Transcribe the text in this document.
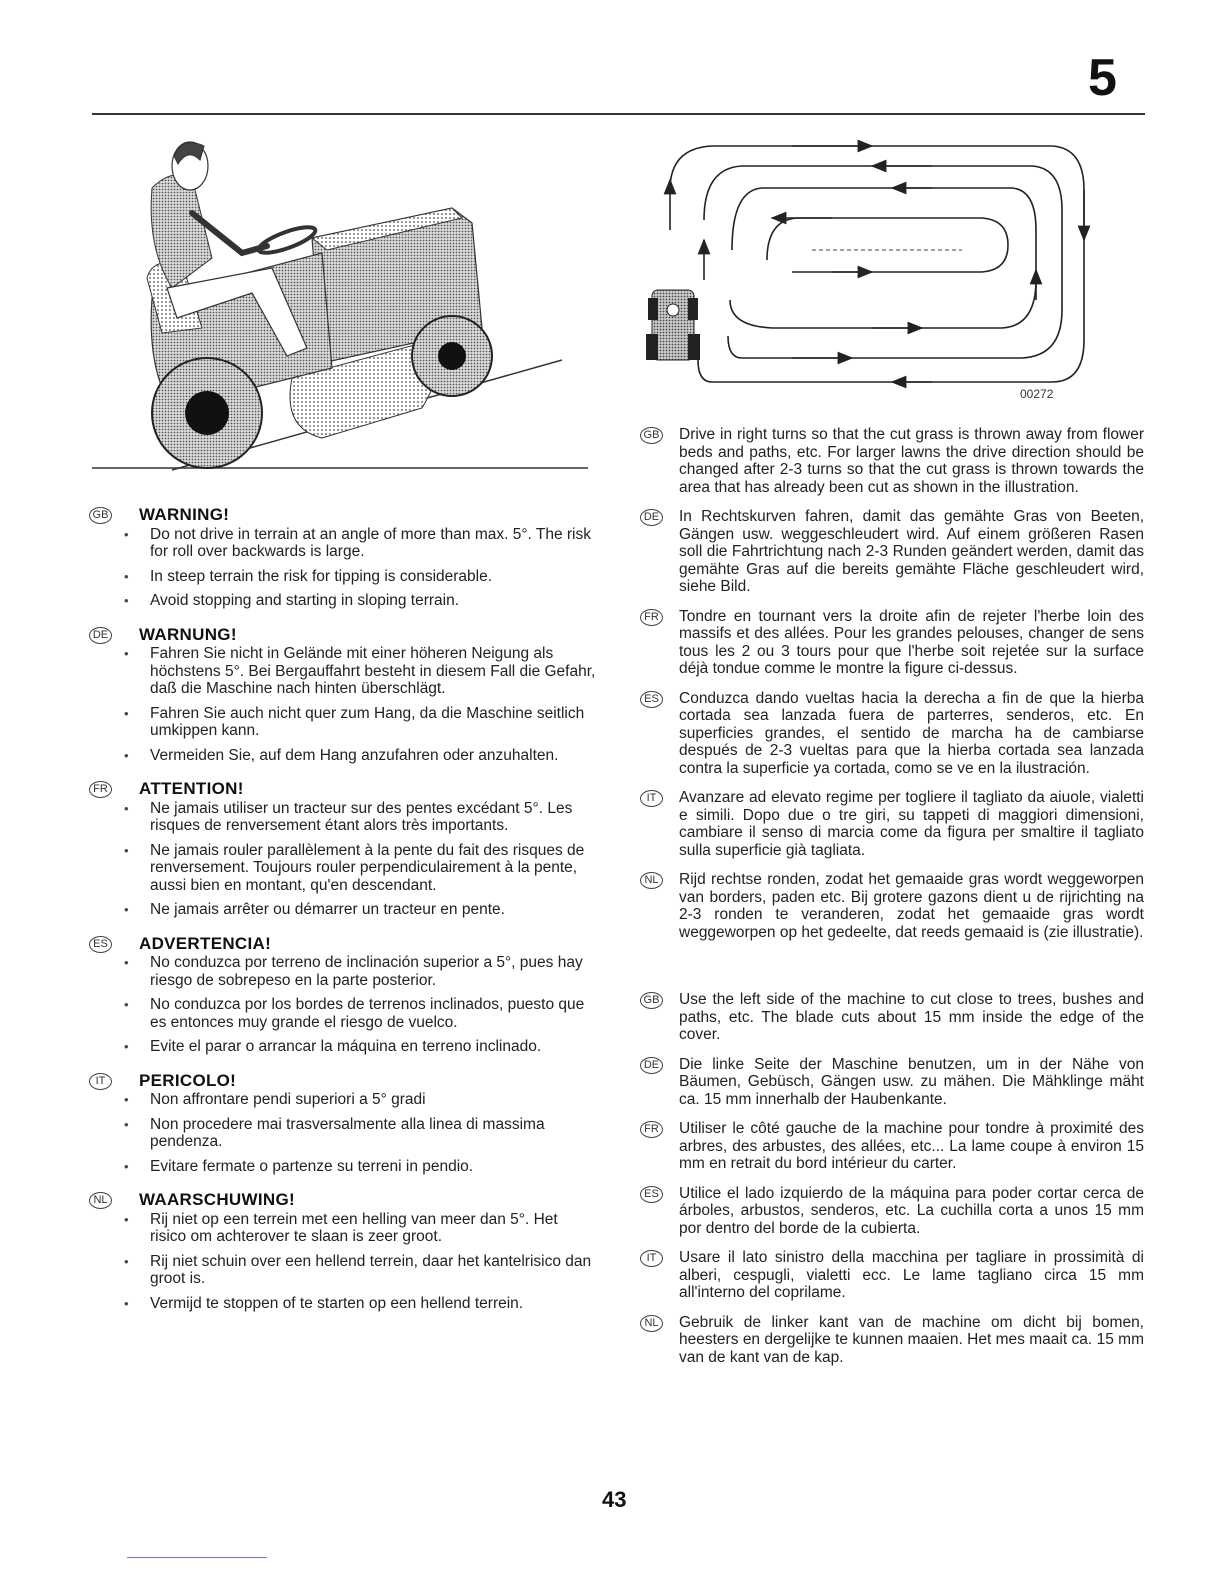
5
00272
GB WARNING!
• Do not drive in terrain at an angle of more than max. 5°. The risk for roll over backwards is large.
• In steep terrain the risk for tipping is considerable.
• Avoid stopping and starting in sloping terrain.
DE WARNUNG!
• Fahren Sie nicht in Gelände mit einer höheren Neigung als höchstens 5°. Bei Bergauffahrt besteht in diesem Fall die Gefahr, daß die Maschine nach hinten überschlägt.
• Fahren Sie auch nicht quer zum Hang, da die Maschine seitlich umkippen kann.
• Vermeiden Sie, auf dem Hang anzufahren oder anzuhalten.
FR ATTENTION!
• Ne jamais utiliser un tracteur sur des pentes excédant 5°. Les risques de renversement étant alors très importants.
• Ne jamais rouler parallèlement à la pente du fait des risques de renversement. Toujours rouler perpendiculairement à la pente, aussi bien en montant, qu'en descendant.
• Ne jamais arrêter ou démarrer un tracteur en pente.
ES ADVERTENCIA!
• No conduzca por terreno de inclinación superior a 5°, pues hay riesgo de sobrepeso en la parte posterior.
• No conduzca por los bordes de terrenos inclinados, puesto que es entonces muy grande el riesgo de vuelco.
• Evite el parar o arrancar la máquina en terreno inclinado.
IT	PERICOLO!
• Non affrontare pendi superiori a 5° gradi
• Non procedere mai trasversalmente alla linea di massima pendenza.
• Evitare fermate o partenze su terreni in pendio.
NL WAARSCHUWING!
• Rij niet op een terrein met een helling van meer dan 5°. Het risico om achterover te slaan is zeer groot.
• Rij niet schuin over een hellend terrein, daar het kantelrisico dan groot is.
• Vermijd te stoppen of te starten op een hellend terrein.
GB Drive in right turns so that the cut grass is thrown away from flower beds and paths, etc. For larger lawns the drive direction should be changed after 2-3 turns so that the cut grass is thrown towards the area that has already been cut as shown in the illustration.

DE In Rechtskurven fahren, damit das gemähte Gras von Beeten, Gängen usw. weggeschleudert wird. Auf einem größeren Rasen soll die Fahrtrichtung nach 2-3 Runden geändert werden, damit das gemähte Gras auf die bereits gemähte Fläche geschleudert wird, siehe Bild.

FR Tondre en tournant vers la droite afin de rejeter l'herbe loin des massifs et des allées. Pour les grandes pelouses, changer de sens tous les 2 ou 3 tours pour que l'herbe soit rejetée sur la surface déjà tondue comme le montre la figure ci-dessus.

ES Conduzca dando vueltas hacia la derecha a fin de que la hierba cortada sea lanzada fuera de parterres, senderos, etc. En superficies grandes, el sentido de marcha ha de cambiarse después de 2-3 vueltas para que la hierba cortada sea lanzada contra la superficie ya cortada, como se ve en la ilustración.

IT	Avanzare ad elevato regime per togliere il tagliato da aiuole, vialetti e simili. Dopo due o tre giri, su tappeti di maggiori dimensioni, cambiare il senso di marcia come da figura per smaltire il tagliato sulla superficie già tagliata.

NL Rijd rechtse ronden, zodat het gemaaide gras wordt weggeworpen van borders, paden etc. Bij grotere gazons dient u de rijrichting na 2-3 ronden te veranderen, zodat het gemaaide gras wordt weggeworpen op het gedeelte, dat reeds gemaaid is (zie illustratie).

GB Use the left side of the machine to cut close to trees, bushes and paths, etc. The blade cuts about 15 mm inside the edge of the cover.

DE Die linke Seite der Maschine benutzen, um in der Nähe von Bäumen, Gebüsch, Gängen usw. zu mähen. Die Mähklinge mäht ca. 15 mm innerhalb der Haubenkante.

FR Utiliser le côté gauche de la machine pour tondre à proximité des arbres, des arbustes, des allées, etc... La lame coupe à environ 15 mm en retrait du bord intérieur du carter.

ES Utilice el lado izquierdo de la máquina para poder cortar cerca de árboles, arbustos, senderos, etc. La cuchilla corta a unos 15 mm por dentro del borde de la cubierta.

IT	Usare il lato sinistro della macchina per tagliare in prossimità di alberi, cespugli, vialetti ecc. Le lame tagliano circa 15 mm all'interno del coprilame.

NL Gebruik de linker kant van de machine om dicht bij bomen, heesters en dergelijke te kunnen maaien. Het mes maait ca. 15 mm van de kant van de kap.

43
